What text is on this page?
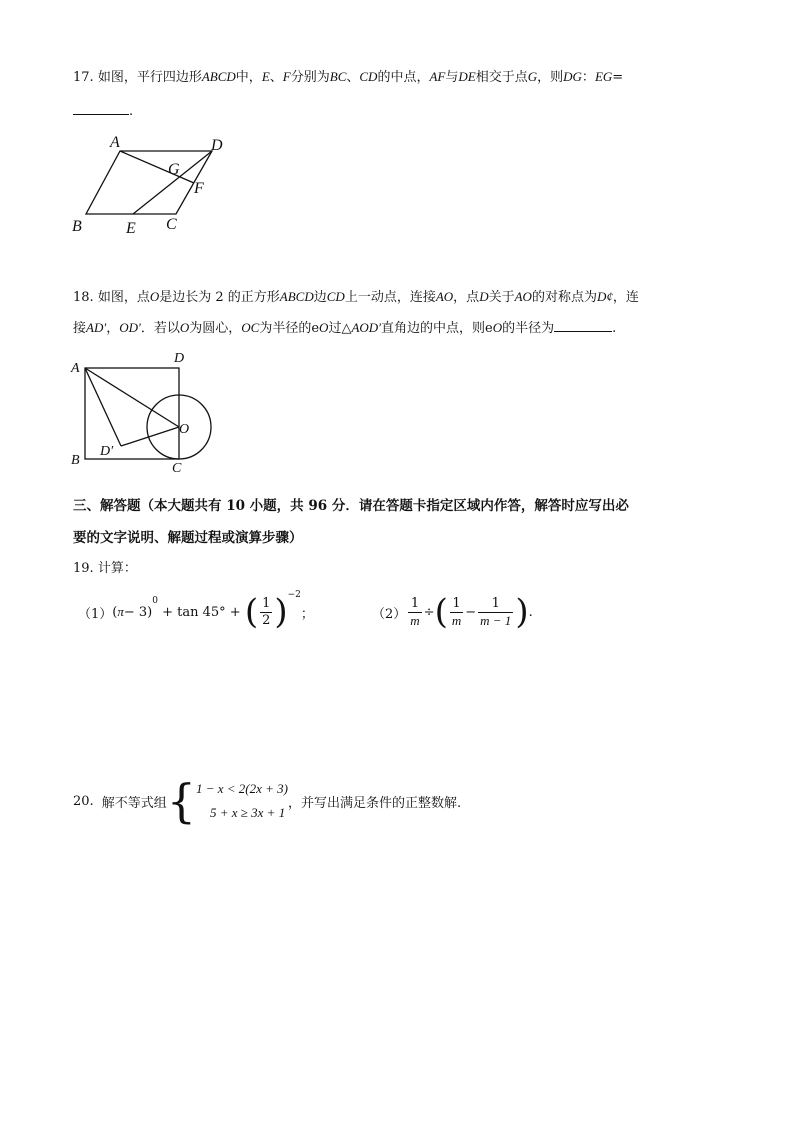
17. 如图，平行四边形ABCD中，E、F分别为BC、CD的中点，AF与DE相交于点G，则DG：EG=
.
A	D
G
F
B	E C
18. 如图，点O是边长为 2 的正方形ABCD边CD上一动点，连接AO，点D关于AO的对称点为D¢，连
接AD′，OD′．若以O为圆心，OC为半径的eO过△AOD′直角边的中点，则eO的半径为	.
A
D
O
B
D′
C
三、解答题（本大题共有 10 小题，共 96 分．请在答题卡指定区域内作答，解答时应写出必
要的文字说明、解题过程或演算步骤）
19. 计算：
（1） ( π − 3 )
$^0$
+ tan 45° + ( $\frac{1}{2} )^{-2}$
；	$(2) \frac{1}{m}$ ÷ ( $\frac{1}{m} - \frac{1}{m - 1}$ ) .
20. 解不等式组 { 1 − x < 2(2x + 3)
5 + x ≥ 3x + 1
，并写出满足条件的正整数解.
